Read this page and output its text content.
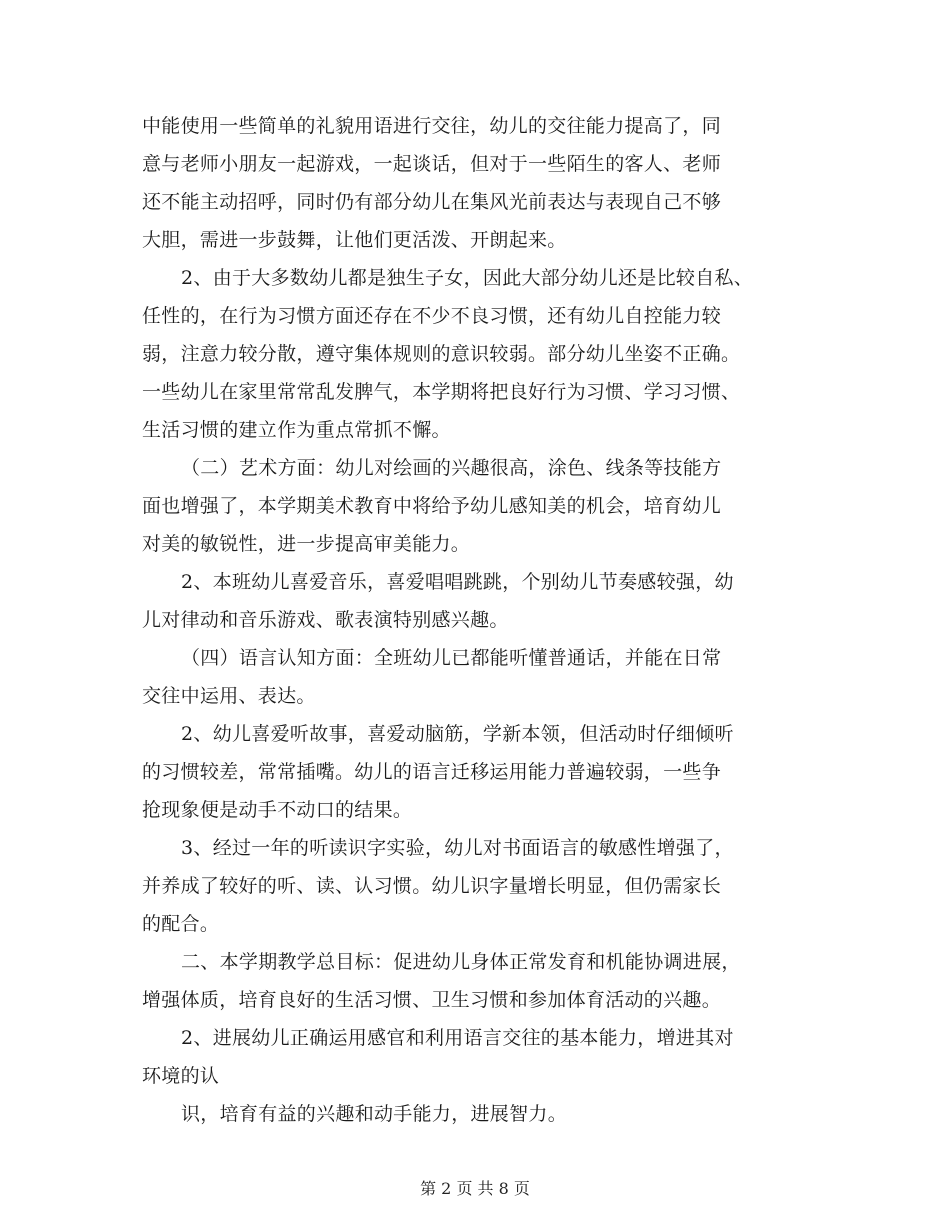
中能使用一些简单的礼貌用语进行交往，幼儿的交往能力提高了，同
意与老师小朋友一起游戏，一起谈话，但对于一些陌生的客人、老师
还不能主动招呼，同时仍有部分幼儿在集风光前表达与表现自己不够
大胆，需进一步鼓舞，让他们更活泼、开朗起来。
2、由于大多数幼儿都是独生子女，因此大部分幼儿还是比较自私、
任性的，在行为习惯方面还存在不少不良习惯，还有幼儿自控能力较
弱，注意力较分散，遵守集体规则的意识较弱。部分幼儿坐姿不正确。
一些幼儿在家里常常乱发脾气，本学期将把良好行为习惯、学习习惯、
生活习惯的建立作为重点常抓不懈。
（二）艺术方面：幼儿对绘画的兴趣很高，涂色、线条等技能方
面也增强了，本学期美术教育中将给予幼儿感知美的机会，培育幼儿
对美的敏锐性，进一步提高审美能力。
2、本班幼儿喜爱音乐，喜爱唱唱跳跳，个别幼儿节奏感较强，幼
儿对律动和音乐游戏、歌表演特别感兴趣。
（四）语言认知方面：全班幼儿已都能听懂普通话，并能在日常
交往中运用、表达。
2、幼儿喜爱听故事，喜爱动脑筋，学新本领，但活动时仔细倾听
的习惯较差，常常插嘴。幼儿的语言迁移运用能力普遍较弱，一些争
抢现象便是动手不动口的结果。
3、经过一年的听读识字实验，幼儿对书面语言的敏感性增强了，
并养成了较好的听、读、认习惯。幼儿识字量增长明显，但仍需家长
的配合。
二、本学期教学总目标：促进幼儿身体正常发育和机能协调进展，
增强体质，培育良好的生活习惯、卫生习惯和参加体育活动的兴趣。
2、进展幼儿正确运用感官和利用语言交往的基本能力，增进其对
环境的认
识，培育有益的兴趣和动手能力，进展智力。
第 2 页 共 8 页
